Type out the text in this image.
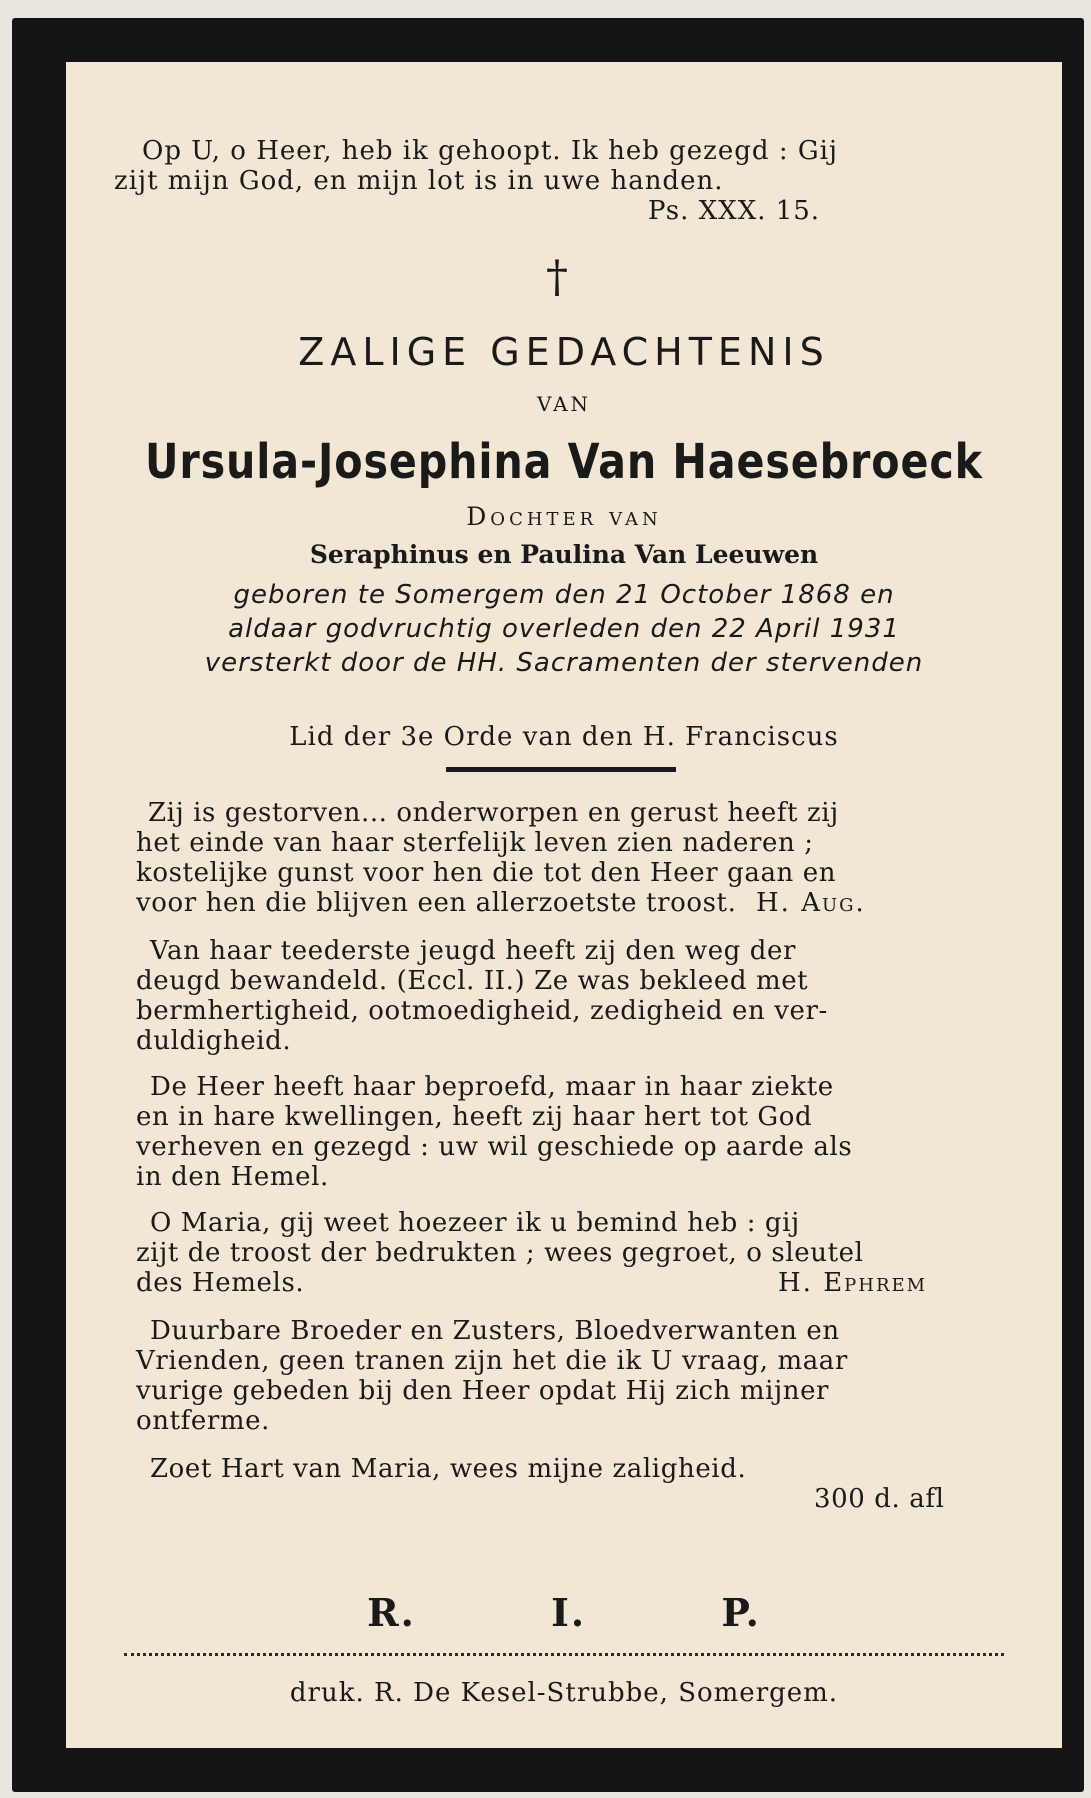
Op U, o Heer, heb ik gehoopt. Ik heb gezegd : Gij
zijt mijn God, en mijn lot is in uwe handen.
Ps. XXX. 15.
†
ZALIGE GEDACHTENIS
VAN
Ursula-Josephina Van Haesebroeck
Dochter van
Seraphinus en Paulina Van Leeuwen
geboren te Somergem den 21 October 1868 en
aldaar godvruchtig overleden den 22 April 1931
versterkt door de HH. Sacramenten der stervenden
Lid der 3e Orde van den H. Franciscus
Zij is gestorven... onderworpen en gerust heeft zij
het einde van haar sterfelijk leven zien naderen ;
kostelijke gunst voor hen die tot den Heer gaan en
voor hen die blijven een allerzoetste troost. H. Aug.
Van haar teederste jeugd heeft zij den weg der
deugd bewandeld. (Eccl. II.) Ze was bekleed met
bermhertigheid, ootmoedigheid, zedigheid en ver-
duldigheid.
De Heer heeft haar beproefd, maar in haar ziekte
en in hare kwellingen, heeft zij haar hert tot God
verheven en gezegd : uw wil geschiede op aarde als
in den Hemel.
O Maria, gij weet hoezeer ik u bemind heb : gij
zijt de troost der bedrukten ; wees gegroet, o sleutel
des Hemels.	H. Ephrem
Duurbare Broeder en Zusters, Bloedverwanten en
Vrienden, geen tranen zijn het die ik U vraag, maar
vurige gebeden bij den Heer opdat Hij zich mijner
ontferme.
Zoet Hart van Maria, wees mijne zaligheid.
300 d. afl
R. I. P.
druk. R. De Kesel-Strubbe, Somergem.
